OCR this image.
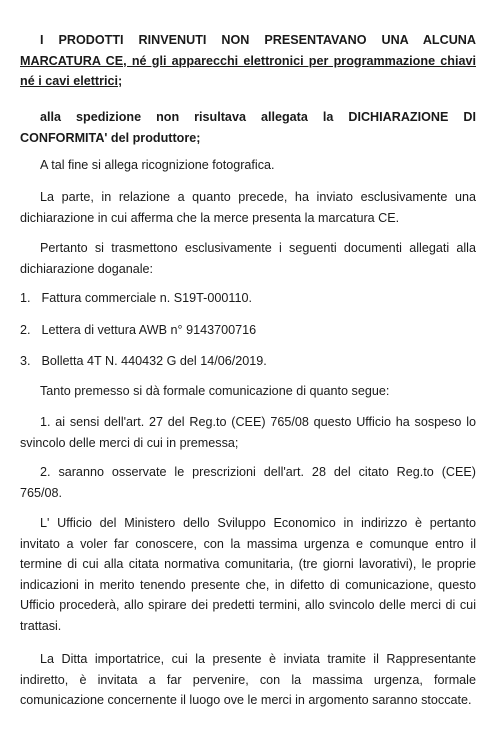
I PRODOTTI RINVENUTI NON PRESENTAVANO UNA ALCUNA MARCATURA CE, né gli apparecchi elettronici per programmazione chiavi né i cavi elettrici;

alla spedizione non risultava allegata la DICHIARAZIONE DI CONFORMITA' del produttore;

A tal fine si allega ricognizione fotografica.

La parte, in relazione a quanto precede, ha inviato esclusivamente una dichiarazione in cui afferma che la merce presenta la marcatura CE.

Pertanto si trasmettono esclusivamente i seguenti documenti allegati alla dichiarazione doganale:

1. Fattura commerciale n. S19T-000110.
2. Lettera di vettura AWB n° 9143700716
3. Bolletta 4T N. 440432 G del 14/06/2019.

Tanto premesso si dà formale comunicazione di quanto segue:

1. ai sensi dell'art. 27 del Reg.to (CEE) 765/08 questo Ufficio ha sospeso lo svincolo delle merci di cui in premessa;

2. saranno osservate le prescrizioni dell'art. 28 del citato Reg.to (CEE) 765/08.

L' Ufficio del Ministero dello Sviluppo Economico in indirizzo è pertanto invitato a voler far conoscere, con la massima urgenza e comunque entro il termine di cui alla citata normativa comunitaria, (tre giorni lavorativi), le proprie indicazioni in merito tenendo presente che, in difetto di comunicazione, questo Ufficio procederà, allo spirare dei predetti termini, allo svincolo delle merci di cui trattasi.

La Ditta importatrice, cui la presente è inviata tramite il Rappresentante indiretto, è invitata a far pervenire, con la massima urgenza, formale comunicazione concernente il luogo ove le merci in argomento saranno stoccate.
